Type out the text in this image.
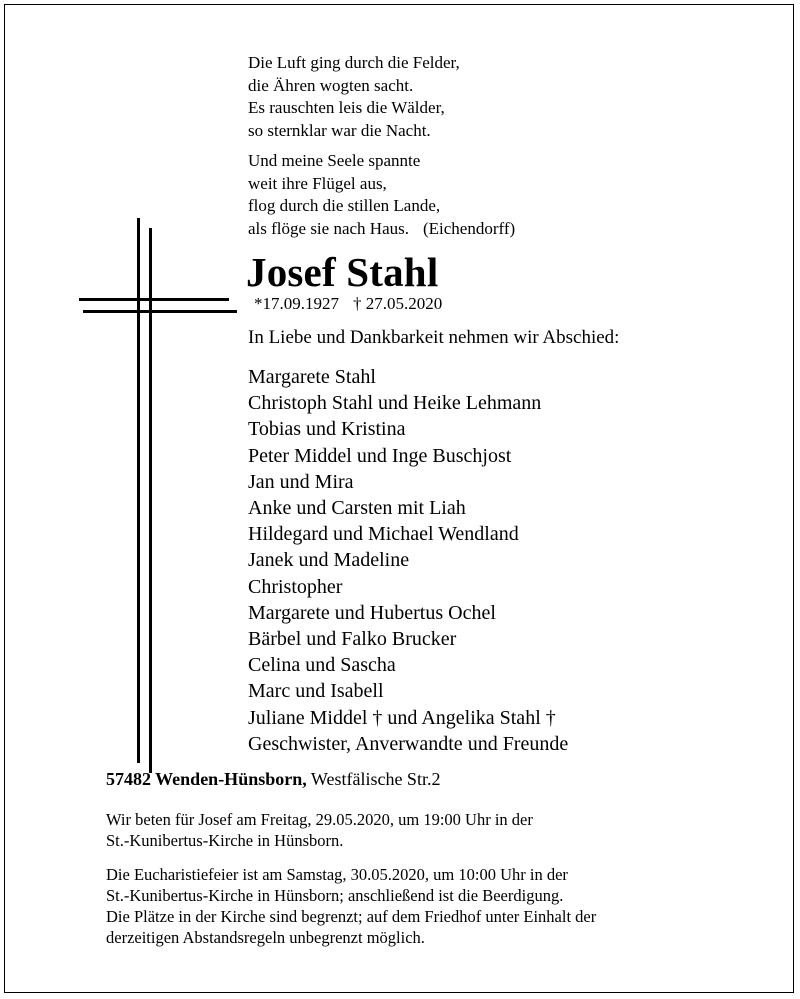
Die Luft ging durch die Felder,
die Ähren wogten sacht.
Es rauschten leis die Wälder,
so sternklar war die Nacht.
Und meine Seele spannte
weit ihre Flügel aus,
flog durch die stillen Lande,
als flöge sie nach Haus. (Eichendorff)
Josef Stahl
*17.09.1927 † 27.05.2020
In Liebe und Dankbarkeit nehmen wir Abschied:
Margarete Stahl
Christoph Stahl und Heike Lehmann
Tobias und Kristina
Peter Middel und Inge Buschjost
Jan und Mira
Anke und Carsten mit Liah
Hildegard und Michael Wendland
Janek und Madeline
Christopher
Margarete und Hubertus Ochel
Bärbel und Falko Brucker
Celina und Sascha
Marc und Isabell
Juliane Middel † und Angelika Stahl †
Geschwister, Anverwandte und Freunde
57482 Wenden-Hünsborn, Westfälische Str.2
Wir beten für Josef am Freitag, 29.05.2020, um 19:00 Uhr in der
St.-Kunibertus-Kirche in Hünsborn.
Die Eucharistiefeier ist am Samstag, 30.05.2020, um 10:00 Uhr in der
St.-Kunibertus-Kirche in Hünsborn; anschließend ist die Beerdigung.
Die Plätze in der Kirche sind begrenzt; auf dem Friedhof unter Einhalt der
derzeitigen Abstandsregeln unbegrenzt möglich.
